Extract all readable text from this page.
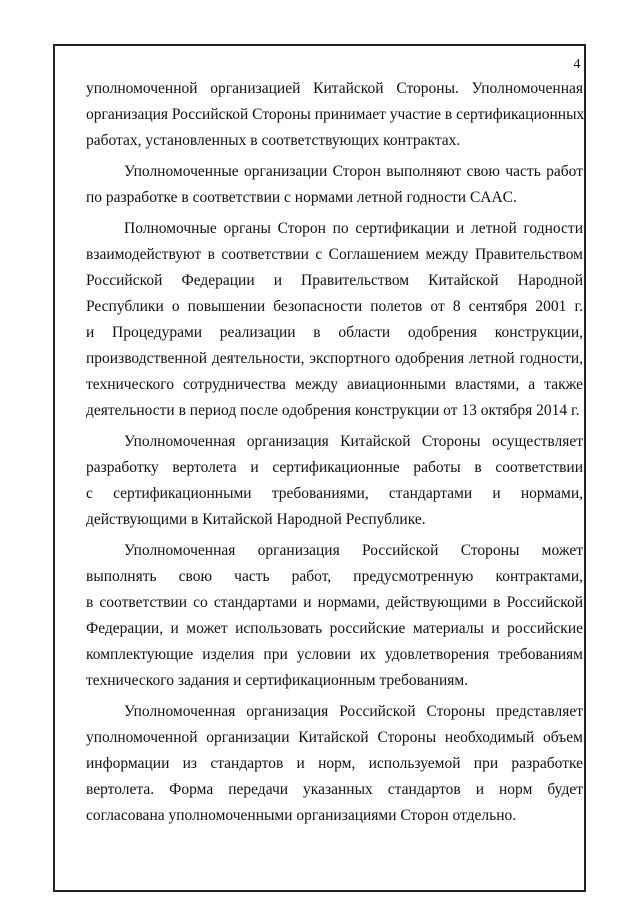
4

уполномоченной организацией Китайской Стороны. Уполномоченная
организация Российской Стороны принимает участие в сертификационных
работах, установленных в соответствующих контрактах.

Уполномоченные организации Сторон выполняют свою часть работ
по разработке в соответствии с нормами летной годности CAAC.

Полномочные органы Сторон по сертификации и летной годности
взаимодействуют в соответствии с Соглашением между Правительством
Российской Федерации и Правительством Китайской Народной
Республики о повышении безопасности полетов от 8 сентября 2001 г.
и Процедурами реализации в области одобрения конструкции,
производственной деятельности, экспортного одобрения летной годности,
технического сотрудничества между авиационными властями, а также
деятельности в период после одобрения конструкции от 13 октября 2014 г.

Уполномоченная организация Китайской Стороны осуществляет
разработку вертолета и сертификационные работы в соответствии
с сертификационными требованиями, стандартами и нормами,
действующими в Китайской Народной Республике.

Уполномоченная организация Российской Стороны может
выполнять свою часть работ, предусмотренную контрактами,
в соответствии со стандартами и нормами, действующими в Российской
Федерации, и может использовать российские материалы и российские
комплектующие изделия при условии их удовлетворения требованиям
технического задания и сертификационным требованиям.

Уполномоченная организация Российской Стороны представляет
уполномоченной организации Китайской Стороны необходимый объем
информации из стандартов и норм, используемой при разработке
вертолета. Форма передачи указанных стандартов и норм будет
согласована уполномоченными организациями Сторон отдельно.
